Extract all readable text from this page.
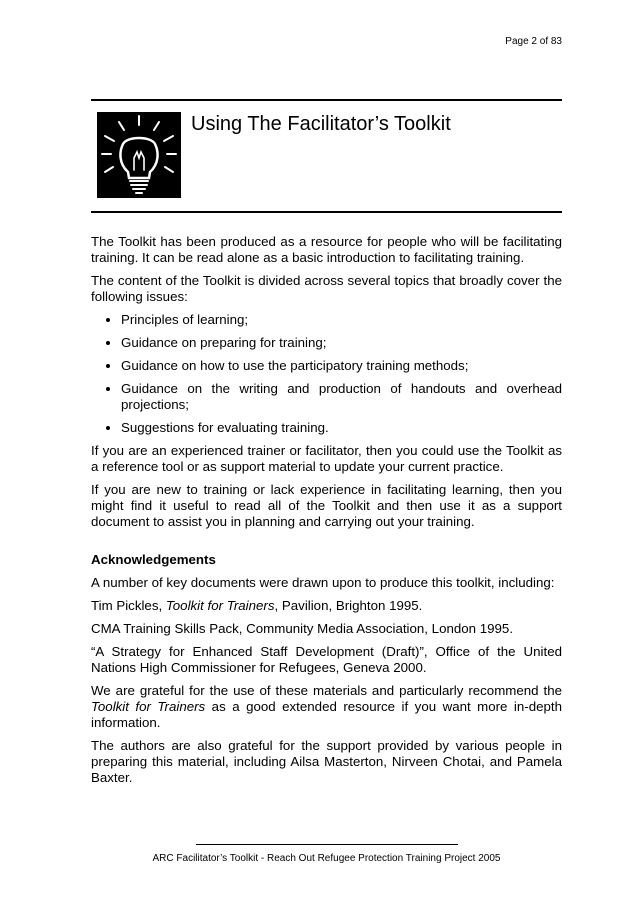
Page 2 of 83
Using The Facilitator’s Toolkit

The Toolkit has been produced as a resource for people who will be facilitating training. It can be read alone as a basic introduction to facilitating training.

The content of the Toolkit is divided across several topics that broadly cover the following issues:

• Principles of learning;
• Guidance on preparing for training;
• Guidance on how to use the participatory training methods;
• Guidance on the writing and production of handouts and overhead projections;
• Suggestions for evaluating training.

If you are an experienced trainer or facilitator, then you could use the Toolkit as a reference tool or as support material to update your current practice.

If you are new to training or lack experience in facilitating learning, then you might find it useful to read all of the Toolkit and then use it as a support document to assist you in planning and carrying out your training.

Acknowledgements

A number of key documents were drawn upon to produce this toolkit, including:

Tim Pickles, Toolkit for Trainers, Pavilion, Brighton 1995.

CMA Training Skills Pack, Community Media Association, London 1995.

“A Strategy for Enhanced Staff Development (Draft)”, Office of the United Nations High Commissioner for Refugees, Geneva 2000.

We are grateful for the use of these materials and particularly recommend the Toolkit for Trainers as a good extended resource if you want more in-depth information.

The authors are also grateful for the support provided by various people in preparing this material, including Ailsa Masterton, Nirveen Chotai, and Pamela Baxter.

ARC Facilitator’s Toolkit - Reach Out Refugee Protection Training Project 2005
